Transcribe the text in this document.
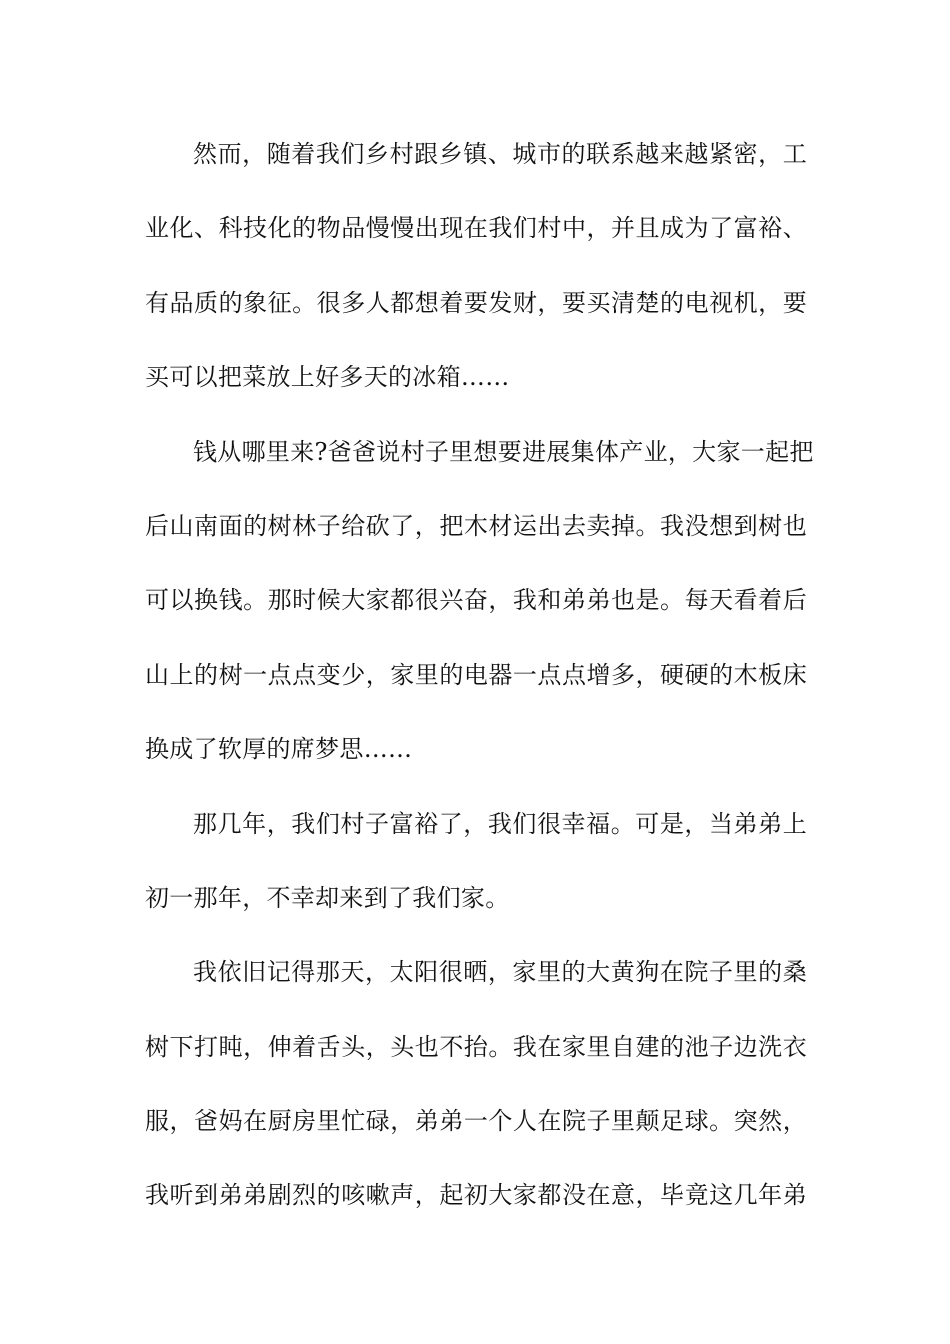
然而，随着我们乡村跟乡镇、城市的联系越来越紧密，工
业化、科技化的物品慢慢出现在我们村中，并且成为了富裕、
有品质的象征。很多人都想着要发财，要买清楚的电视机，要
买可以把菜放上好多天的冰箱……
钱从哪里来?爸爸说村子里想要进展集体产业，大家一起把
后山南面的树林子给砍了，把木材运出去卖掉。我没想到树也
可以换钱。那时候大家都很兴奋，我和弟弟也是。每天看着后
山上的树一点点变少，家里的电器一点点增多，硬硬的木板床
换成了软厚的席梦思……
那几年，我们村子富裕了，我们很幸福。可是，当弟弟上
初一那年，不幸却来到了我们家。
我依旧记得那天，太阳很晒，家里的大黄狗在院子里的桑
树下打盹，伸着舌头，头也不抬。我在家里自建的池子边洗衣
服，爸妈在厨房里忙碌，弟弟一个人在院子里颠足球。突然，
我听到弟弟剧烈的咳嗽声，起初大家都没在意，毕竟这几年弟
